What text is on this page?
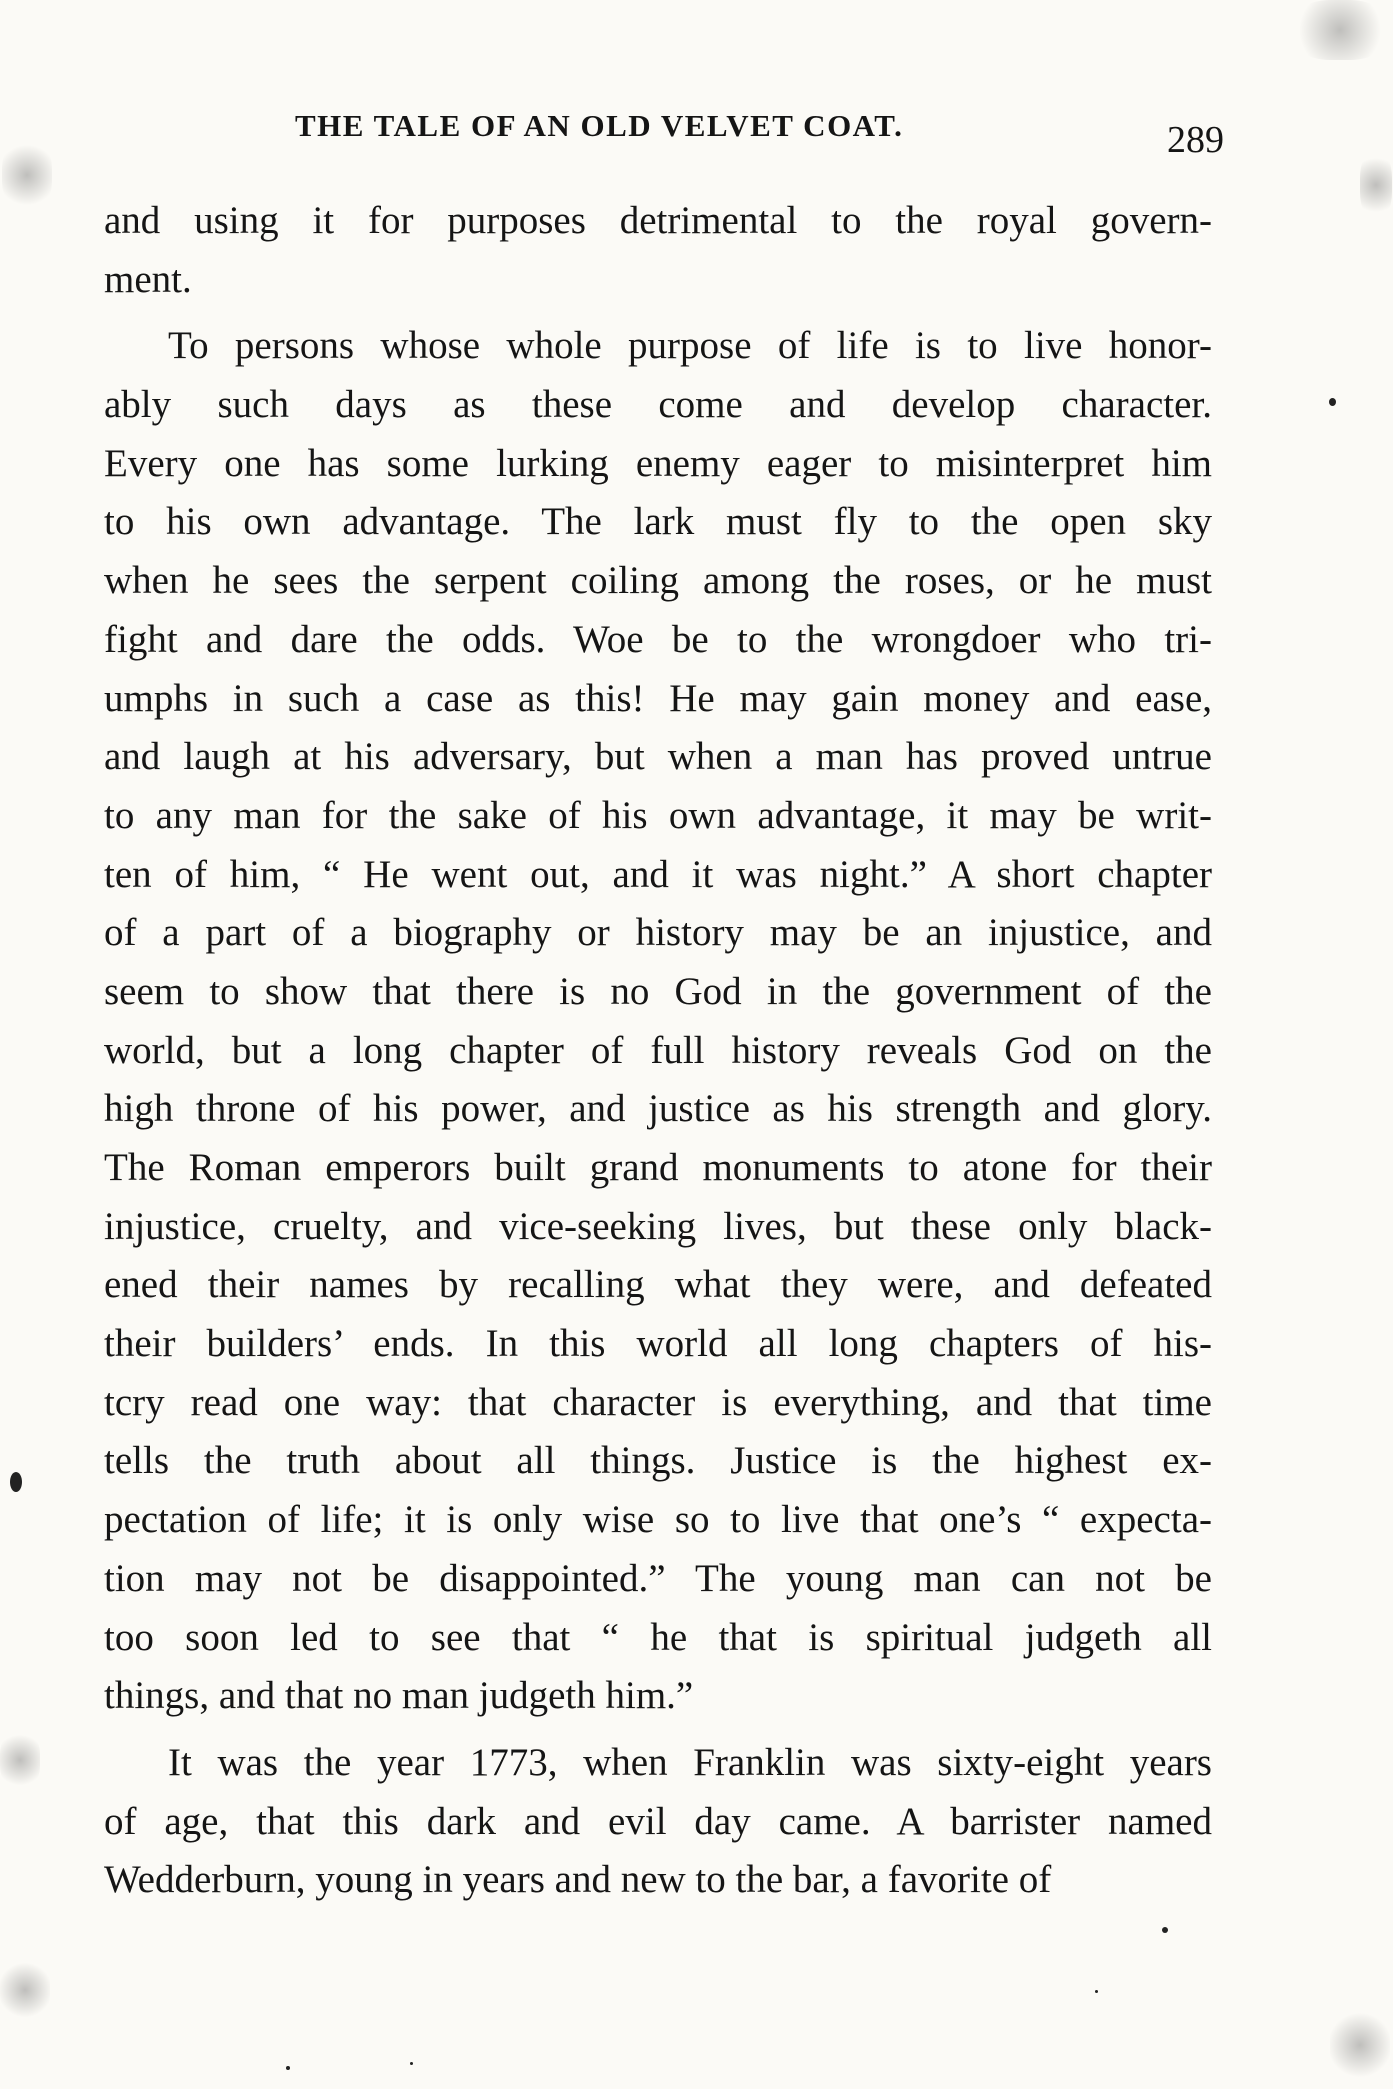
THE TALE OF AN OLD VELVET COAT.	289
and using it for purposes detrimental to the royal govern-
ment.
To persons whose whole purpose of life is to live honor-
ably such days as these come and develop character.
Every one has some lurking enemy eager to misinterpret him
to his own advantage. The lark must fly to the open sky
when he sees the serpent coiling among the roses, or he must
fight and dare the odds. Woe be to the wrongdoer who tri-
umphs in such a case as this! He may gain money and ease,
and laugh at his adversary, but when a man has proved untrue
to any man for the sake of his own advantage, it may be writ-
ten of him, “ He went out, and it was night.” A short chapter
of a part of a biography or history may be an injustice, and
seem to show that there is no God in the government of the
world, but a long chapter of full history reveals God on the
high throne of his power, and justice as his strength and glory.
The Roman emperors built grand monuments to atone for their
injustice, cruelty, and vice-seeking lives, but these only black-
ened their names by recalling what they were, and defeated
their builders’ ends. In this world all long chapters of his-
tcry read one way: that character is everything, and that time
tells the truth about all things. Justice is the highest ex-
pectation of life; it is only wise so to live that one’s “ expecta-
tion may not be disappointed.” The young man can not be
too soon led to see that “ he that is spiritual judgeth all
things, and that no man judgeth him.”
It was the year 1773, when Franklin was sixty-eight years
of age, that this dark and evil day came. A barrister named
Wedderburn, young in years and new to the bar, a favorite of
